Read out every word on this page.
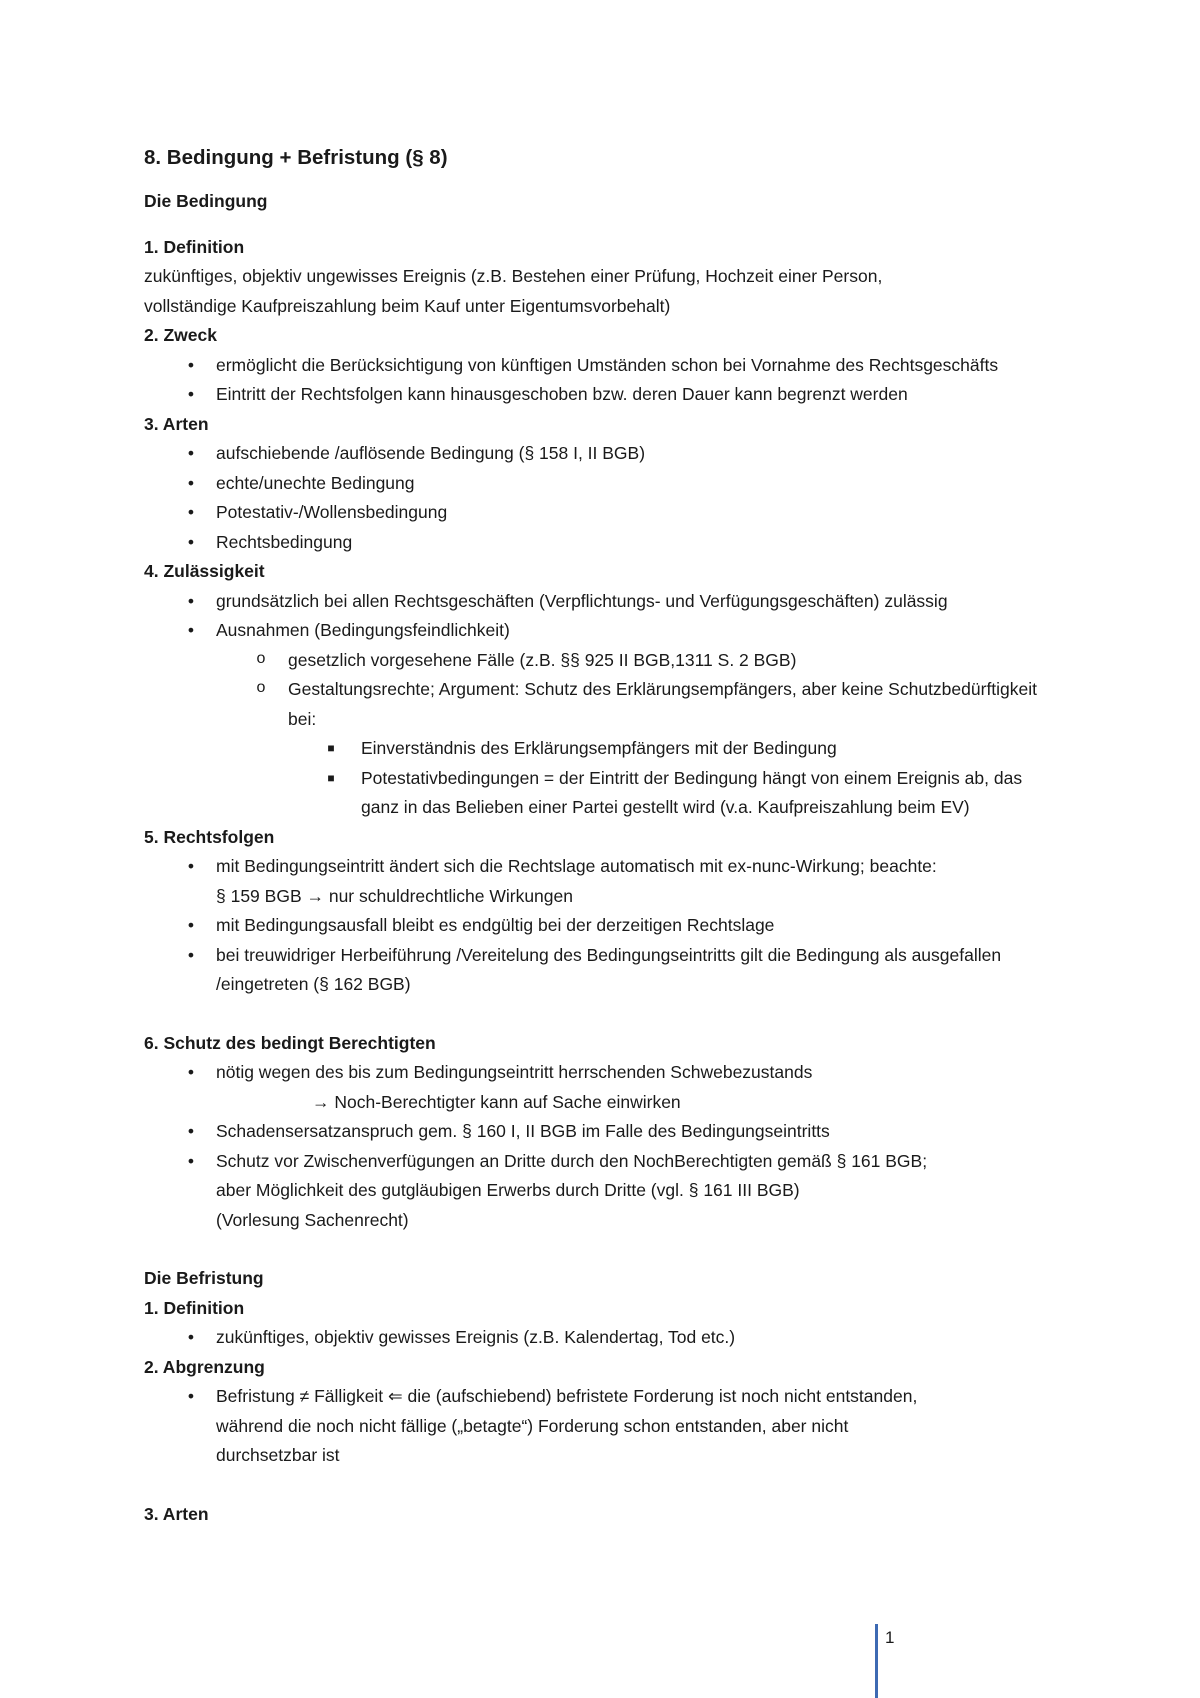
8. Bedingung + Befristung (§ 8)
Die Bedingung
1. Definition
zukünftiges, objektiv ungewisses Ereignis (z.B. Bestehen einer Prüfung, Hochzeit einer Person,
vollständige Kaufpreiszahlung beim Kauf unter Eigentumsvorbehalt)
2. Zweck
• ermöglicht die Berücksichtigung von künftigen Umständen schon bei Vornahme des Rechtsgeschäfts
• Eintritt der Rechtsfolgen kann hinausgeschoben bzw. deren Dauer kann begrenzt werden
3. Arten
• aufschiebende /auflösende Bedingung (§ 158 I, II BGB)
• echte/unechte Bedingung
• Potestativ-/Wollensbedingung
• Rechtsbedingung
4. Zulässigkeit
• grundsätzlich bei allen Rechtsgeschäften (Verpflichtungs- und Verfügungsgeschäften) zulässig
• Ausnahmen (Bedingungsfeindlichkeit)
o gesetzlich vorgesehene Fälle (z.B. §§ 925 II BGB,1311 S. 2 BGB)
o Gestaltungsrechte; Argument: Schutz des Erklärungsempfängers, aber keine Schutzbedürftigkeit bei:
■ Einverständnis des Erklärungsempfängers mit der Bedingung
■ Potestativbedingungen = der Eintritt der Bedingung hängt von einem Ereignis ab, das ganz in das Belieben einer Partei gestellt wird (v.a. Kaufpreiszahlung beim EV)
5. Rechtsfolgen
• mit Bedingungseintritt ändert sich die Rechtslage automatisch mit ex-nunc-Wirkung; beachte:
§ 159 BGB → nur schuldrechtliche Wirkungen
• mit Bedingungsausfall bleibt es endgültig bei der derzeitigen Rechtslage
• bei treuwidriger Herbeiführung /Vereitelung des Bedingungseintritts gilt die Bedingung als ausgefallen /eingetreten (§ 162 BGB)
6. Schutz des bedingt Berechtigten
• nötig wegen des bis zum Bedingungseintritt herrschenden Schwebezustands
→ Noch-Berechtigter kann auf Sache einwirken
• Schadensersatzanspruch gem. § 160 I, II BGB im Falle des Bedingungseintritts
• Schutz vor Zwischenverfügungen an Dritte durch den NochBerechtigten gemäß § 161 BGB;
aber Möglichkeit des gutgläubigen Erwerbs durch Dritte (vgl. § 161 III BGB)
(Vorlesung Sachenrecht)
Die Befristung
1. Definition
• zukünftiges, objektiv gewisses Ereignis (z.B. Kalendertag, Tod etc.)
2. Abgrenzung
• Befristung ≠ Fälligkeit ⇐ die (aufschiebend) befristete Forderung ist noch nicht entstanden,
während die noch nicht fällige („betagte“) Forderung schon entstanden, aber nicht
durchsetzbar ist
3. Arten
1
